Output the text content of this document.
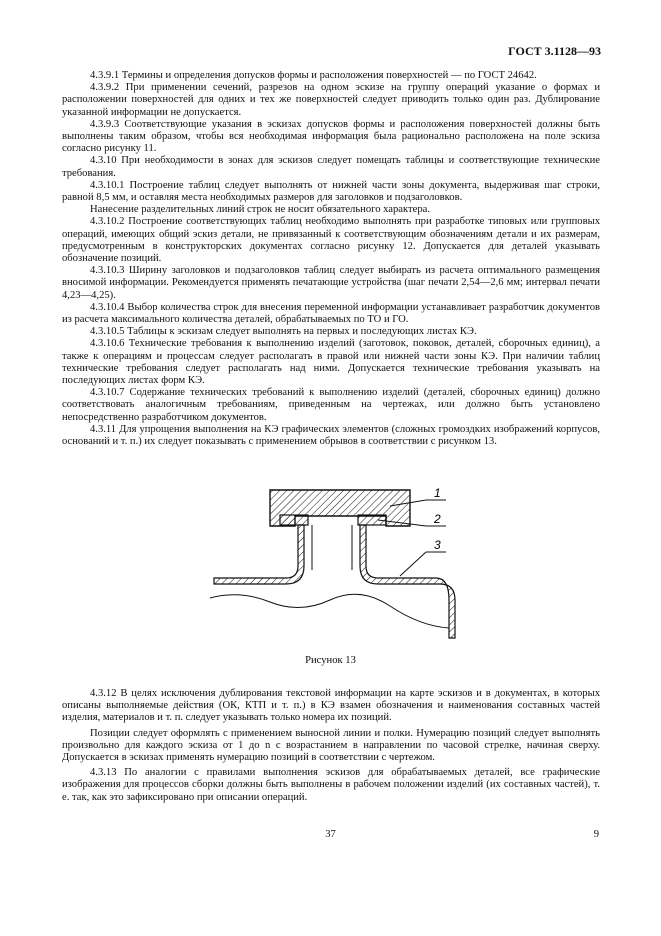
ГОСТ 3.1128—93

4.3.9.1 Термины и определения допусков формы и расположения поверхностей — по ГОСТ 24642.

4.3.9.2 При применении сечений, разрезов на одном эскизе на группу операций указание о формах и расположении поверхностей для одних и тех же поверхностей следует приводить только один раз. Дублирование указанной информации не допускается.

4.3.9.3 Соответствующие указания в эскизах допусков формы и расположения поверхностей должны быть выполнены таким образом, чтобы вся необходимая информация была рационально расположена на поле эскиза согласно рисунку 11.

4.3.10 При необходимости в зонах для эскизов следует помещать таблицы и соответствующие технические требования.

4.3.10.1 Построение таблиц следует выполнять от нижней части зоны документа, выдерживая шаг строки, равной 8,5 мм, и оставляя места необходимых размеров для заголовков и подзаголовков.

Нанесение разделительных линий строк не носит обязательного характера.

4.3.10.2 Построение соответствующих таблиц необходимо выполнять при разработке типовых или групповых операций, имеющих общий эскиз детали, не привязанный к соответствующим обозначениям детали и их размерам, предусмотренным в конструкторских документах согласно рисунку 12. Допускается для деталей указывать обозначение позиций.

4.3.10.3 Ширину заголовков и подзаголовков таблиц следует выбирать из расчета оптимального размещения вносимой информации. Рекомендуется применять печатающие устройства (шаг печати 2,54—2,6 мм; интервал печати 4,23—4,25).

4.3.10.4 Выбор количества строк для внесения переменной информации устанавливает разработчик документов из расчета максимального количества деталей, обрабатываемых по ТО и ГО.

4.3.10.5 Таблицы к эскизам следует выполнять на первых и последующих листах КЭ.

4.3.10.6 Технические требования к выполнению изделий (заготовок, поковок, деталей, сборочных единиц), а также к операциям и процессам следует располагать в правой или нижней части зоны КЭ. При наличии таблиц технические требования следует располагать над ними. Допускается технические требования указывать на последующих листах форм КЭ.

4.3.10.7 Содержание технических требований к выполнению изделий (деталей, сборочных единиц) должно соответствовать аналогичным требованиям, приведенным на чертежах, или должно быть установлено непосредственно разработчиком документов.

4.3.11 Для упрощения выполнения на КЭ графических элементов (сложных громоздких изображений корпусов, оснований и т. п.) их следует показывать с применением обрывов в соответствии с рисунком 13.

1
2
3
Рисунок 13

4.3.12 В целях исключения дублирования текстовой информации на карте эскизов и в документах, в которых описаны выполняемые действия (ОК, КТП и т. п.) в КЭ взамен обозначения и наименования составных частей изделия, материалов и т. п. следует указывать только номера их позиций.

Позиции следует оформлять с применением выносной линии и полки. Нумерацию позиций следует выполнять произвольно для каждого эскиза от 1 до n с возрастанием в направлении по часовой стрелке, начиная сверху. Допускается в эскизах применять нумерацию позиций в соответствии с чертежом.

4.3.13 По аналогии с правилами выполнения эскизов для обрабатываемых деталей, все графические изображения для процессов сборки должны быть выполнены в рабочем положении изделий (их составных частей), т. е. так, как это зафиксировано при описании операций.

37	9
